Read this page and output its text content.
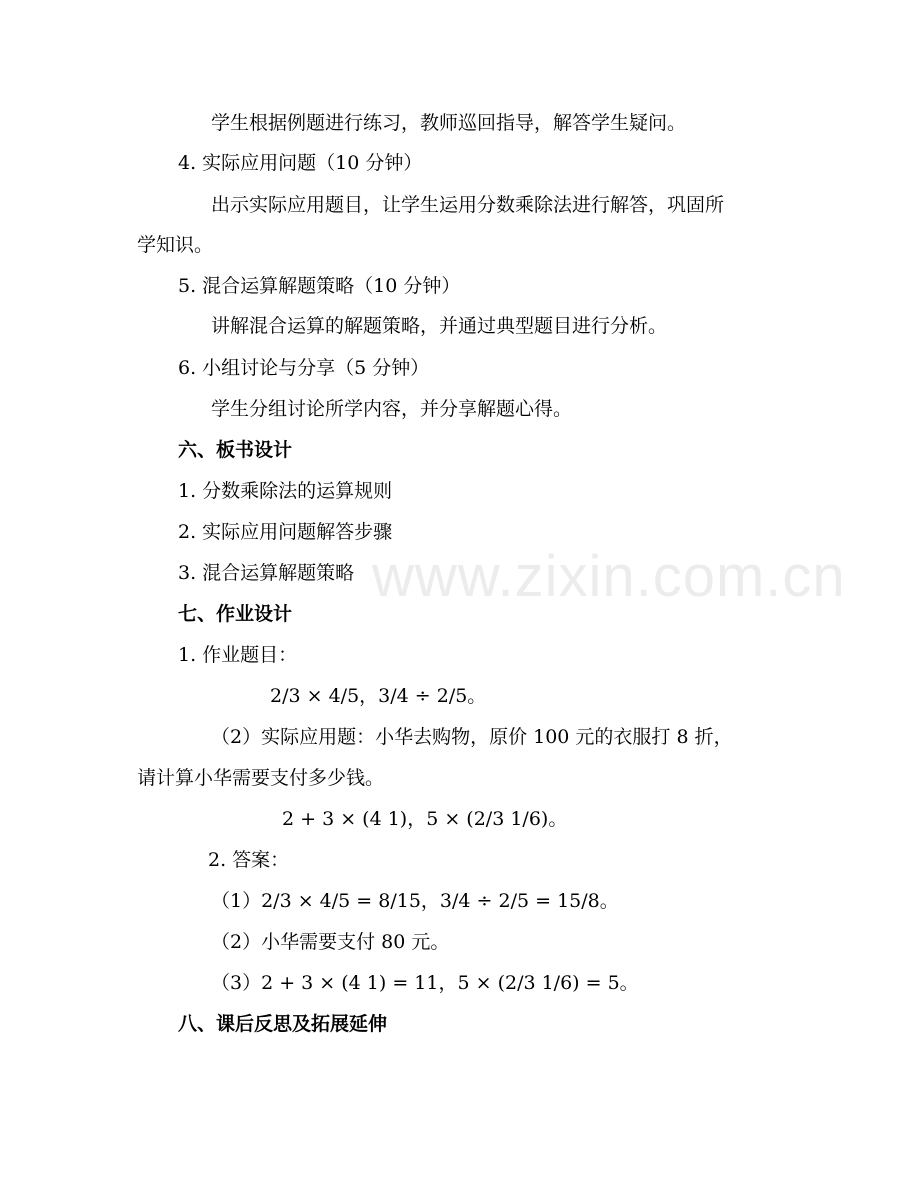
www.zixin.com.cn
学生根据例题进行练习，教师巡回指导，解答学生疑问。
4. 实际应用问题（10 分钟）
出示实际应用题目，让学生运用分数乘除法进行解答，巩固所
学知识。
5. 混合运算解题策略（10 分钟）
讲解混合运算的解题策略，并通过典型题目进行分析。
6. 小组讨论与分享（5 分钟）
学生分组讨论所学内容，并分享解题心得。
六、板书设计
1. 分数乘除法的运算规则
2. 实际应用问题解答步骤
3. 混合运算解题策略
七、作业设计
1. 作业题目：
2/3 × 4/5，3/4 ÷ 2/5。
（2）实际应用题：小华去购物，原价 100 元的衣服打 8 折，
请计算小华需要支付多少钱。
2 + 3 × (4 1)，5 × (2/3 1/6)。
2. 答案：
（1）2/3 × 4/5 = 8/15，3/4 ÷ 2/5 = 15/8。
（2）小华需要支付 80 元。
（3）2 + 3 × (4 1) = 11，5 × (2/3 1/6) = 5。
八、课后反思及拓展延伸
